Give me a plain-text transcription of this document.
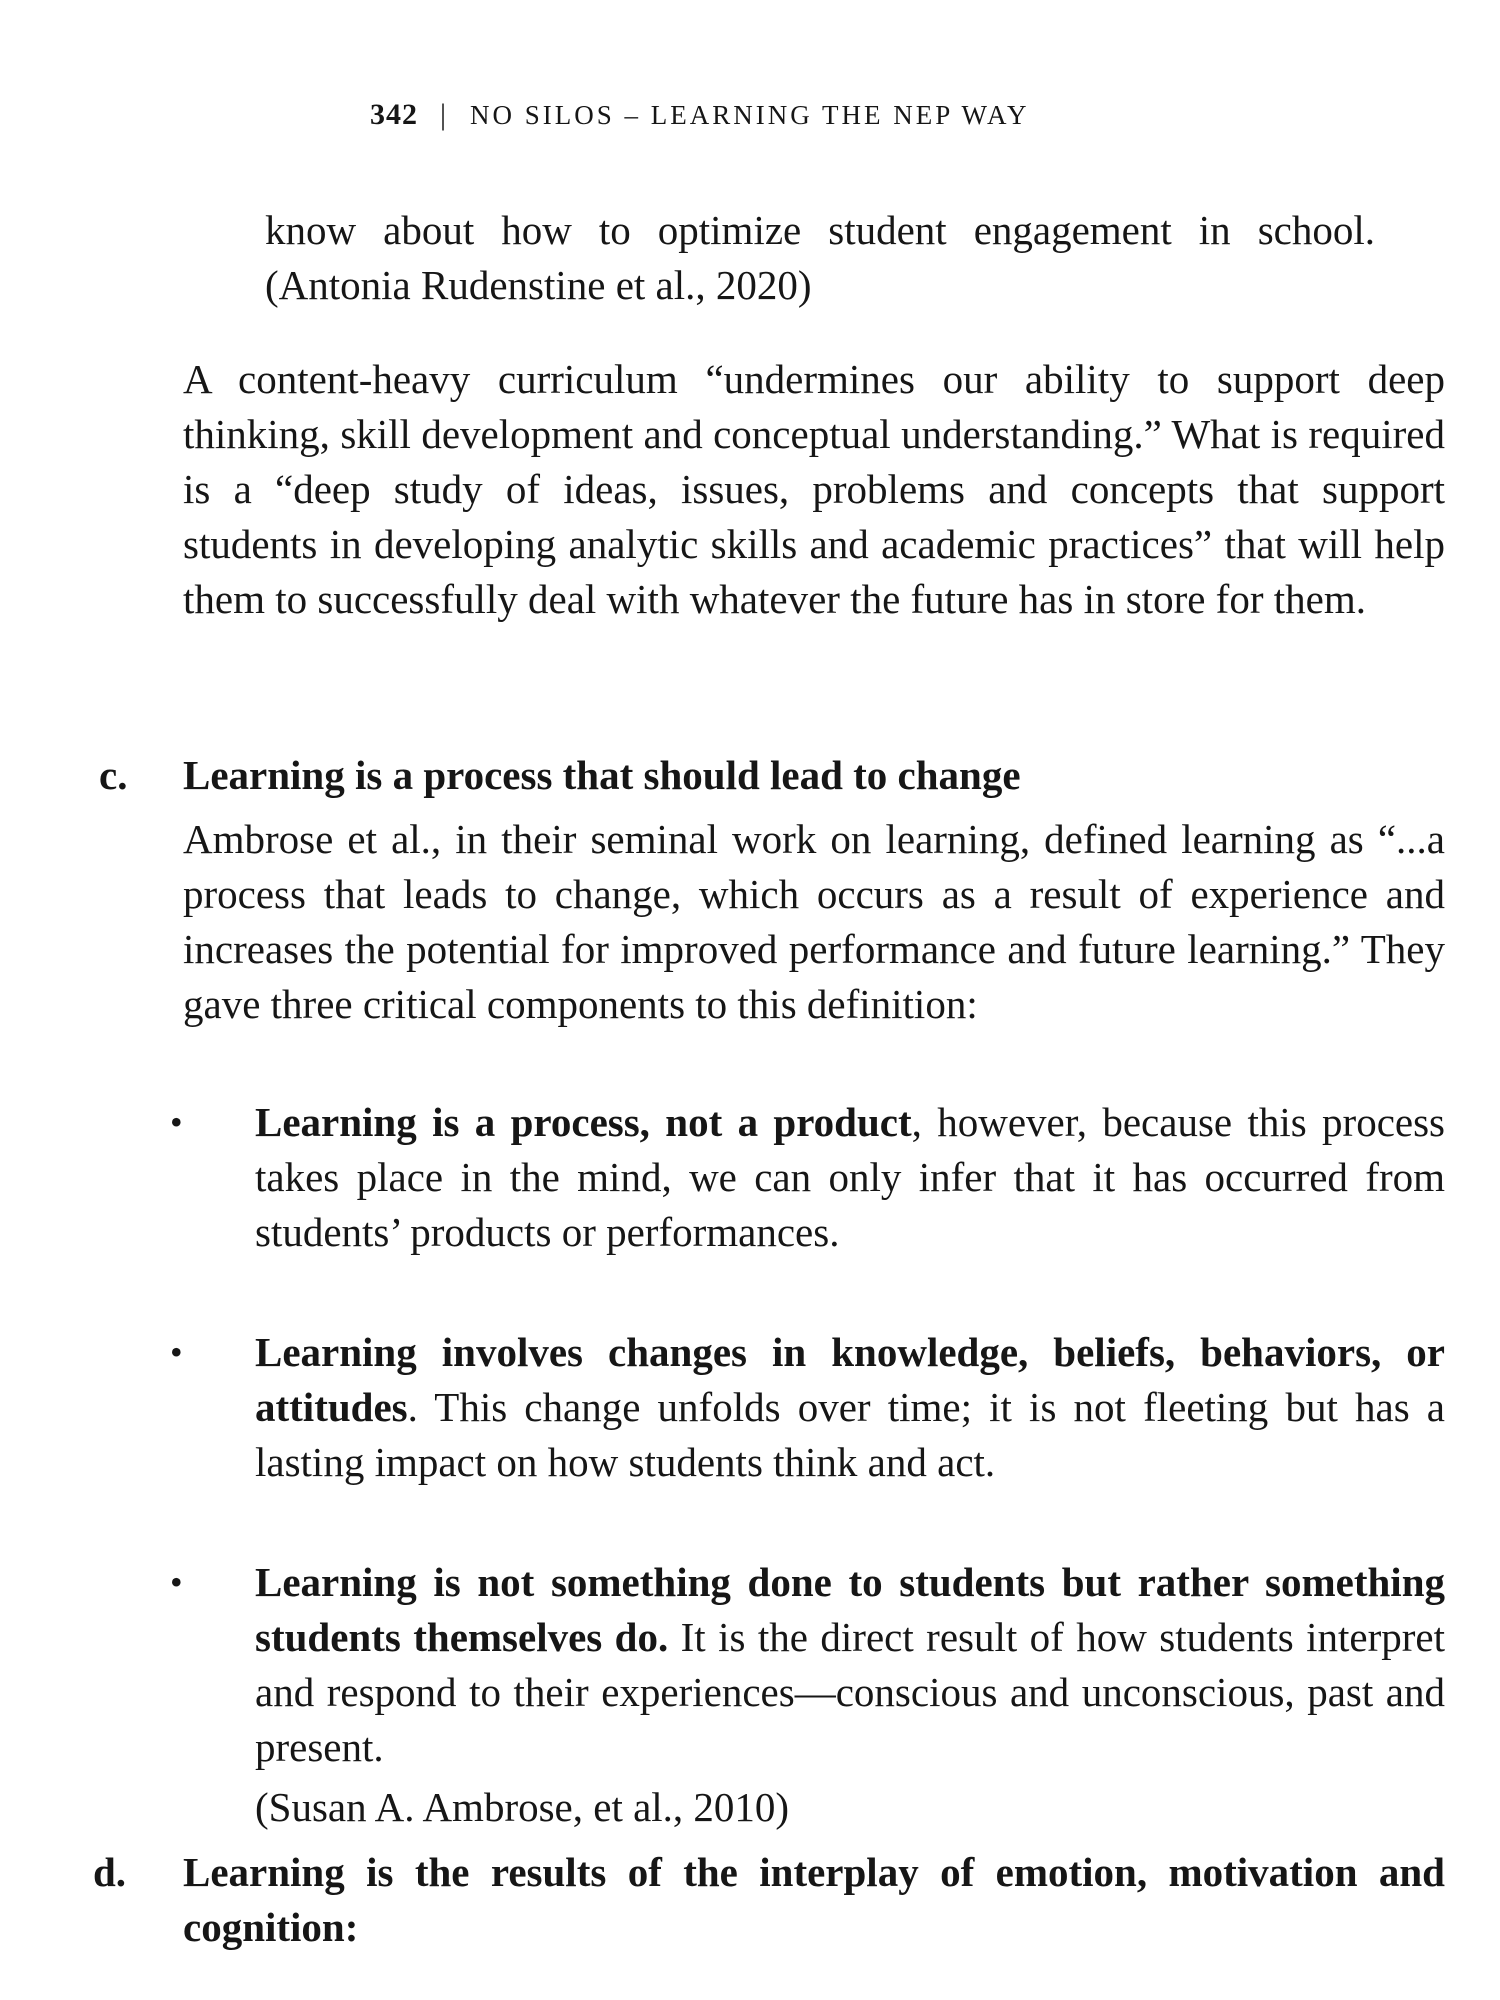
342 | NO SILOS – LEARNING THE NEP WAY
know about how to optimize student engagement in school. (Antonia Rudenstine et al., 2020)
A content-heavy curriculum “undermines our ability to support deep thinking, skill development and conceptual understanding.” What is required is a “deep study of ideas, issues, problems and concepts that support students in developing analytic skills and academic practices” that will help them to successfully deal with whatever the future has in store for them.
c. Learning is a process that should lead to change
Ambrose et al., in their seminal work on learning, defined learning as “...a process that leads to change, which occurs as a result of experience and increases the potential for improved performance and future learning.” They gave three critical components to this definition:
• Learning is a process, not a product, however, because this process takes place in the mind, we can only infer that it has occurred from students’ products or performances.
• Learning involves changes in knowledge, beliefs, behaviors, or attitudes. This change unfolds over time; it is not fleeting but has a lasting impact on how students think and act.
• Learning is not something done to students but rather something students themselves do. It is the direct result of how students interpret and respond to their experiences—conscious and unconscious, past and present.
(Susan A. Ambrose, et al., 2010)
d. Learning is the results of the interplay of emotion, motivation and cognition:
